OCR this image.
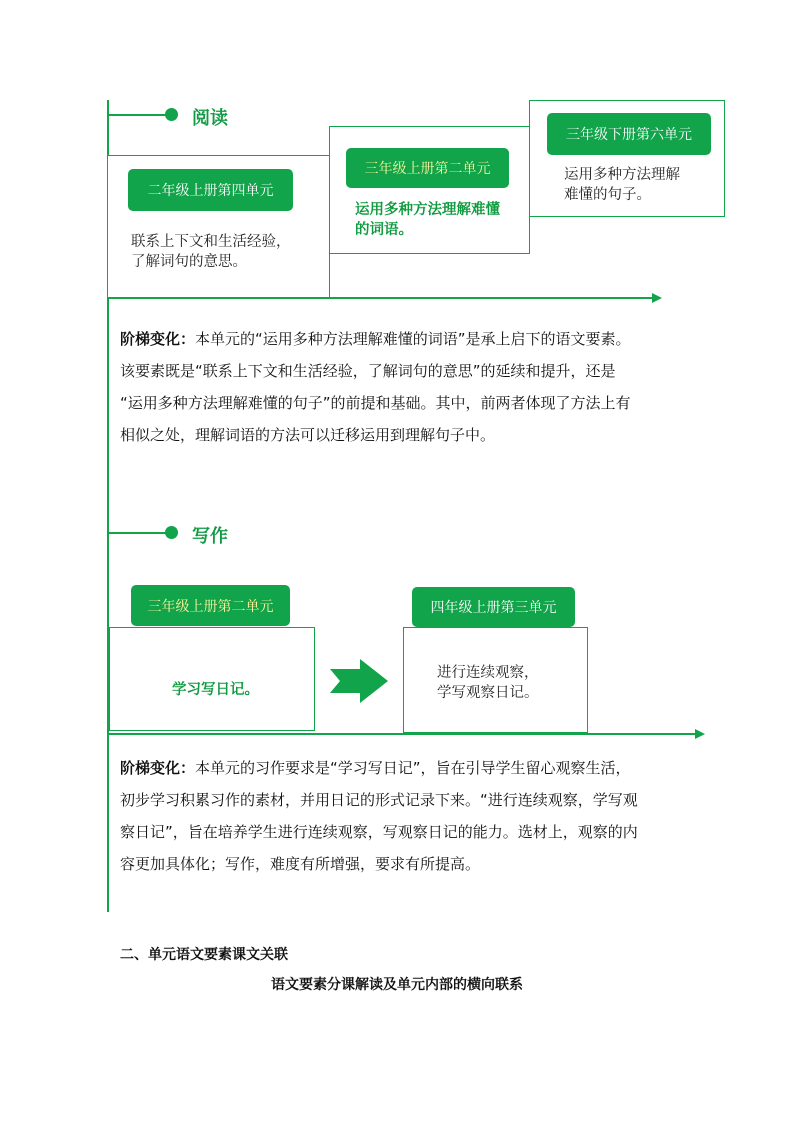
阅读
三年级下册第六单元
运用多种方法理解
难懂的句子。
三年级上册第二单元
运用多种方法理解难懂
的词语。
二年级上册第四单元
联系上下文和生活经验，
了解词句的意思。
阶梯变化：本单元的“运用多种方法理解难懂的词语”是承上启下的语文要素。
该要素既是“联系上下文和生活经验，了解词句的意思”的延续和提升，还是
“运用多种方法理解难懂的句子”的前提和基础。其中，前两者体现了方法上有
相似之处，理解词语的方法可以迁移运用到理解句子中。
写作
三年级上册第二单元
学习写日记。
四年级上册第三单元
进行连续观察，
学写观察日记。
阶梯变化：本单元的习作要求是“学习写日记”，旨在引导学生留心观察生活，
初步学习积累习作的素材，并用日记的形式记录下来。“进行连续观察，学写观
察日记”，旨在培养学生进行连续观察，写观察日记的能力。选材上，观察的内
容更加具体化；写作，难度有所增强，要求有所提高。
二、单元语文要素课文关联
语文要素分课解读及单元内部的横向联系
